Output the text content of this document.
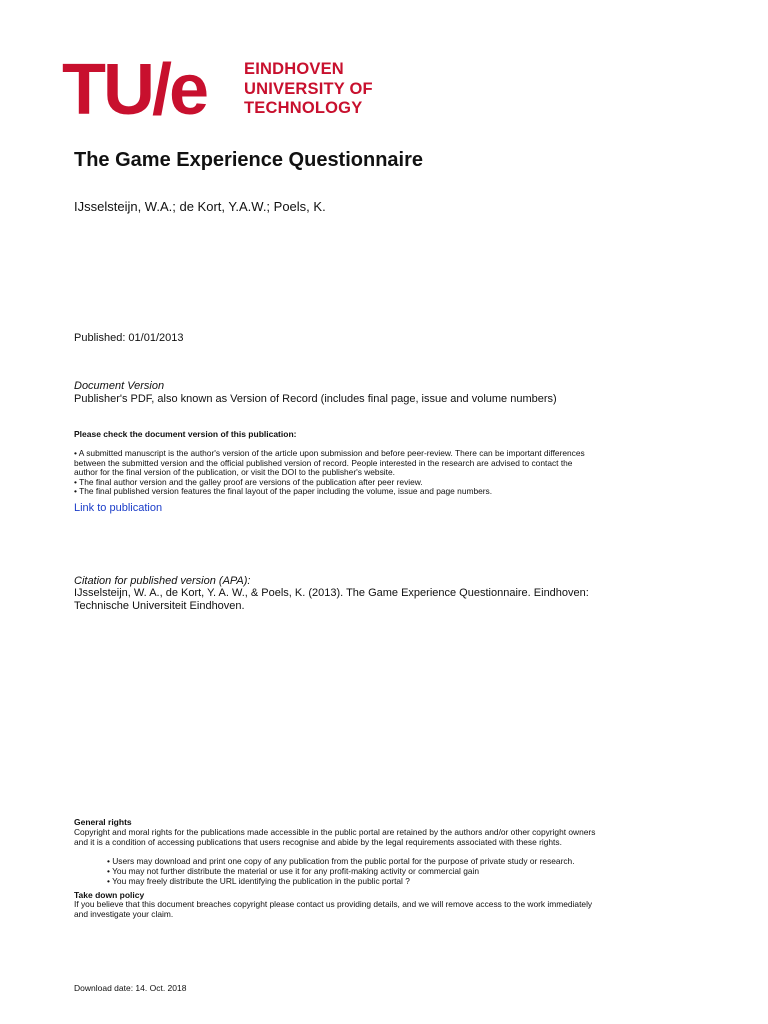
TU/e EINDHOVEN
UNIVERSITY OF
TECHNOLOGY
The Game Experience Questionnaire
IJsselsteijn, W.A.; de Kort, Y.A.W.; Poels, K.
Published: 01/01/2013
Document Version
Publisher's PDF, also known as Version of Record (includes final page, issue and volume numbers)
Please check the document version of this publication:
• A submitted manuscript is the author's version of the article upon submission and before peer-review. There can be important differences
between the submitted version and the official published version of record. People interested in the research are advised to contact the
author for the final version of the publication, or visit the DOI to the publisher's website.
• The final author version and the galley proof are versions of the publication after peer review.
• The final published version features the final layout of the paper including the volume, issue and page numbers.
Link to publication
Citation for published version (APA):
IJsselsteijn, W. A., de Kort, Y. A. W., & Poels, K. (2013). The Game Experience Questionnaire. Eindhoven:
Technische Universiteit Eindhoven.
General rights
Copyright and moral rights for the publications made accessible in the public portal are retained by the authors and/or other copyright owners
and it is a condition of accessing publications that users recognise and abide by the legal requirements associated with these rights.
• Users may download and print one copy of any publication from the public portal for the purpose of private study or research.
• You may not further distribute the material or use it for any profit-making activity or commercial gain
• You may freely distribute the URL identifying the publication in the public portal ?
Take down policy
If you believe that this document breaches copyright please contact us providing details, and we will remove access to the work immediately
and investigate your claim.
Download date: 14. Oct. 2018
